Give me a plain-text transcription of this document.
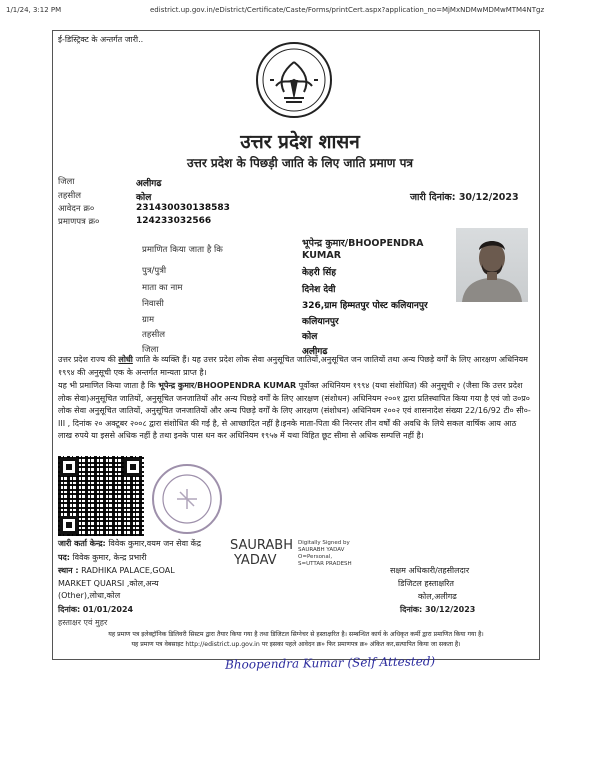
1/1/24, 3:12 PM	edistrict.up.gov.in/eDistrict/Certificate/Caste/Forms/printCert.aspx?application_no=MjMxNDMwMDMwMTM4NTgz
ई-डिस्ट्रिक्ट के अन्तर्गत जारी..
उत्तर प्रदेश शासन
उत्तर प्रदेश के पिछड़ी जाति के लिए जाति प्रमाण पत्र
जिला	अलीगढ
तहसील	कोल
आवेदन क्र०	231430030138583
प्रमाणपत्र क्र०	124233032566
जारी दिनांक: 30/12/2023
प्रमाणित किया जाता है कि
भूपेन्द्र कुमार/BHOOPENDRA KUMAR
पुत्र/पुत्री	केहरी सिंह
माता का नाम	दिनेश देवी
निवासी	326,ग्राम हिम्मतपुर पोस्ट कलियानपुर
ग्राम	कलियानपुर
तहसील	कोल
जिला	अलीगढ
उत्तर प्रदेश राज्य की लोधी जाति के व्यक्ति हैं। यह उत्तर प्रदेश लोक सेवा अनुसूचित जातियों,अनुसूचित जन जातियों तथा अन्य पिछड़े वर्गों के लिए आरक्षण अधिनियम १९९४ की अनुसूची एक के अन्तर्गत मान्यता प्राप्त है।
यह भी प्रमाणित किया जाता है कि भूपेन्द्र कुमार/BHOOPENDRA KUMAR पूर्वोक्त अधिनियम १९९४ (यथा संशोधित) की अनुसूची २ (जैसा कि उत्तर प्रदेश लोक सेवा)अनुसूचित जातियों, अनुसूचित जनजातियों और अन्य पिछड़े वर्गों के लिए आरक्षण (संशोधन) अधिनियम २००१ द्वारा प्रतिस्थापित किया गया है एवं जो उ०प्र० लोक सेवा अनुसूचित जातियों, अनुसूचित जनजातियों और अन्य पिछड़े वर्गों के लिए आरक्षण (संशोधन) अधिनियम २००२ एवं शासनादेश संख्या 22/16/92 टी० सी०-III , दिनांक २० अक्टूबर २००८ द्वारा संशोधित की गई है, से आच्छादित नहीं है।इनके माता-पिता की निरन्तर तीन वर्षों की अवधि के लिये सकल वार्षिक आय आठ लाख रुपये या इससे अधिक नहीं है तथा इनके पास धन कर अधिनियम १९५७ में यथा विहित छूट सीमा से अधिक सम्पत्ति नहीं है।
जारी कर्ता केन्द्र: विवेक कुमार,वयम जन सेवा केंद्र
पद: विवेक कुमार, केन्द्र प्रभारी
स्थान : RADHIKA PALACE,GOAL MARKET QUARSI ,कोल,अन्य (Other),लोधा,कोल
दिनांक: 01/01/2024
हस्ताक्षर एवं मुहर
SAURABH
YADAV
Digitally Signed by
SAURABH YADAV
O=Personal,
S=UTTAR PRADESH
सक्षम अधिकारी/तहसीलदार
डिजिटल हस्ताक्षरित
कोल,अलीगढ
दिनांक: 30/12/2023
यह प्रमाण पत्र इलेक्ट्रॉनिक डिलिवरी सिस्टम द्वारा तैयार किया गया है तथा डिजिटल सिग्नेचर से हस्ताक्षरित है। सम्बन्धित कार्य के अधिकृत कर्मी द्वारा प्रमाणित किया गया है।
यह प्रमाण पत्र वेबसाइट http://edistrict.up.gov.in पर इसका पहले आवेदन क्र० फिर प्रमाणपत्र क्र० अंकित कर,सत्यापित किया जा सकता है।
Bhoopendra Kumar (Self Attested)
